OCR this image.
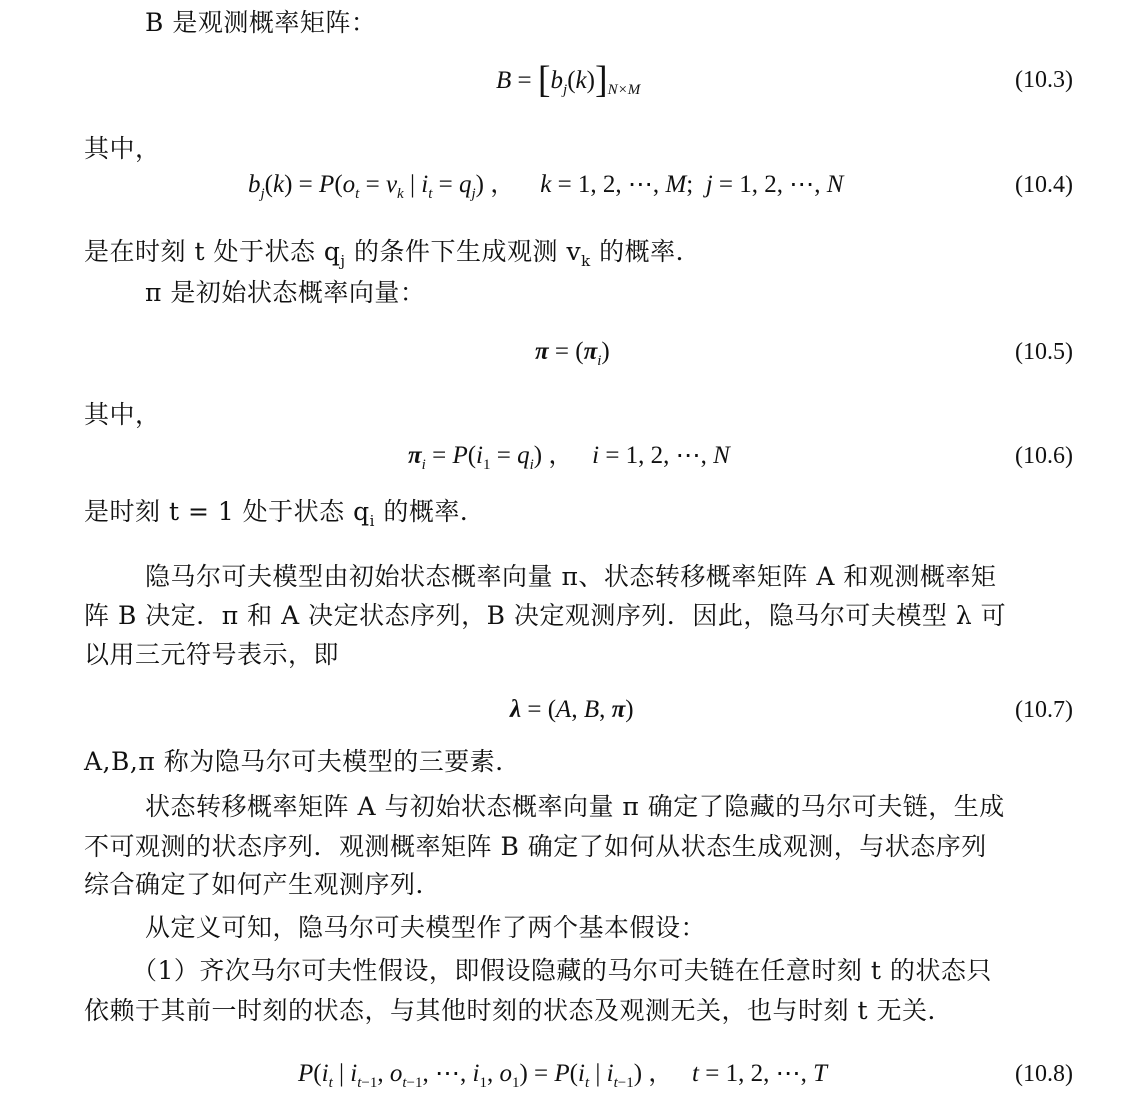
B 是观测概率矩阵：
$B = [b_j(k)]_{N\times M}$	(10.3)
其中，
$b_j(k) = P(o_t = v_k$ | $i_t = q_j$) ，    k = 1, 2, ⋯, M;  j = 1, 2, ⋯, N	(10.4)
是在时刻 t 处于状态 $q_j$ 的条件下生成观测 $v_k$ 的概率．
π 是初始状态概率向量：
$\pi = (\pi_i)$	(10.5)
其中，
$\pi_i = P(i_1 = q_i)$ ，   i = 1, 2, ⋯, N	(10.6)
是时刻 t = 1 处于状态 $q_i$ 的概率．
隐马尔可夫模型由初始状态概率向量 π、状态转移概率矩阵 A 和观测概率矩
阵 B 决定．π 和 A 决定状态序列，B 决定观测序列．因此，隐马尔可夫模型 λ 可
以用三元符号表示，即
λ = (A, B, π)	(10.7)
A,B,π 称为隐马尔可夫模型的三要素．
状态转移概率矩阵 A 与初始状态概率向量 π 确定了隐藏的马尔可夫链，生成
不可观测的状态序列．观测概率矩阵 B 确定了如何从状态生成观测，与状态序列
综合确定了如何产生观测序列．
从定义可知，隐马尔可夫模型作了两个基本假设：
（1）齐次马尔可夫性假设，即假设隐藏的马尔可夫链在任意时刻 t 的状态只
依赖于其前一时刻的状态，与其他时刻的状态及观测无关，也与时刻 t 无关．
$P(i_t$ | $i_{t-1}$, $o_{t-1}$, ⋯, $i_1$, $o_1) = P(i_t$ | $i_{t-1}$) ，   t = 1, 2, ⋯, T	(10.8)
